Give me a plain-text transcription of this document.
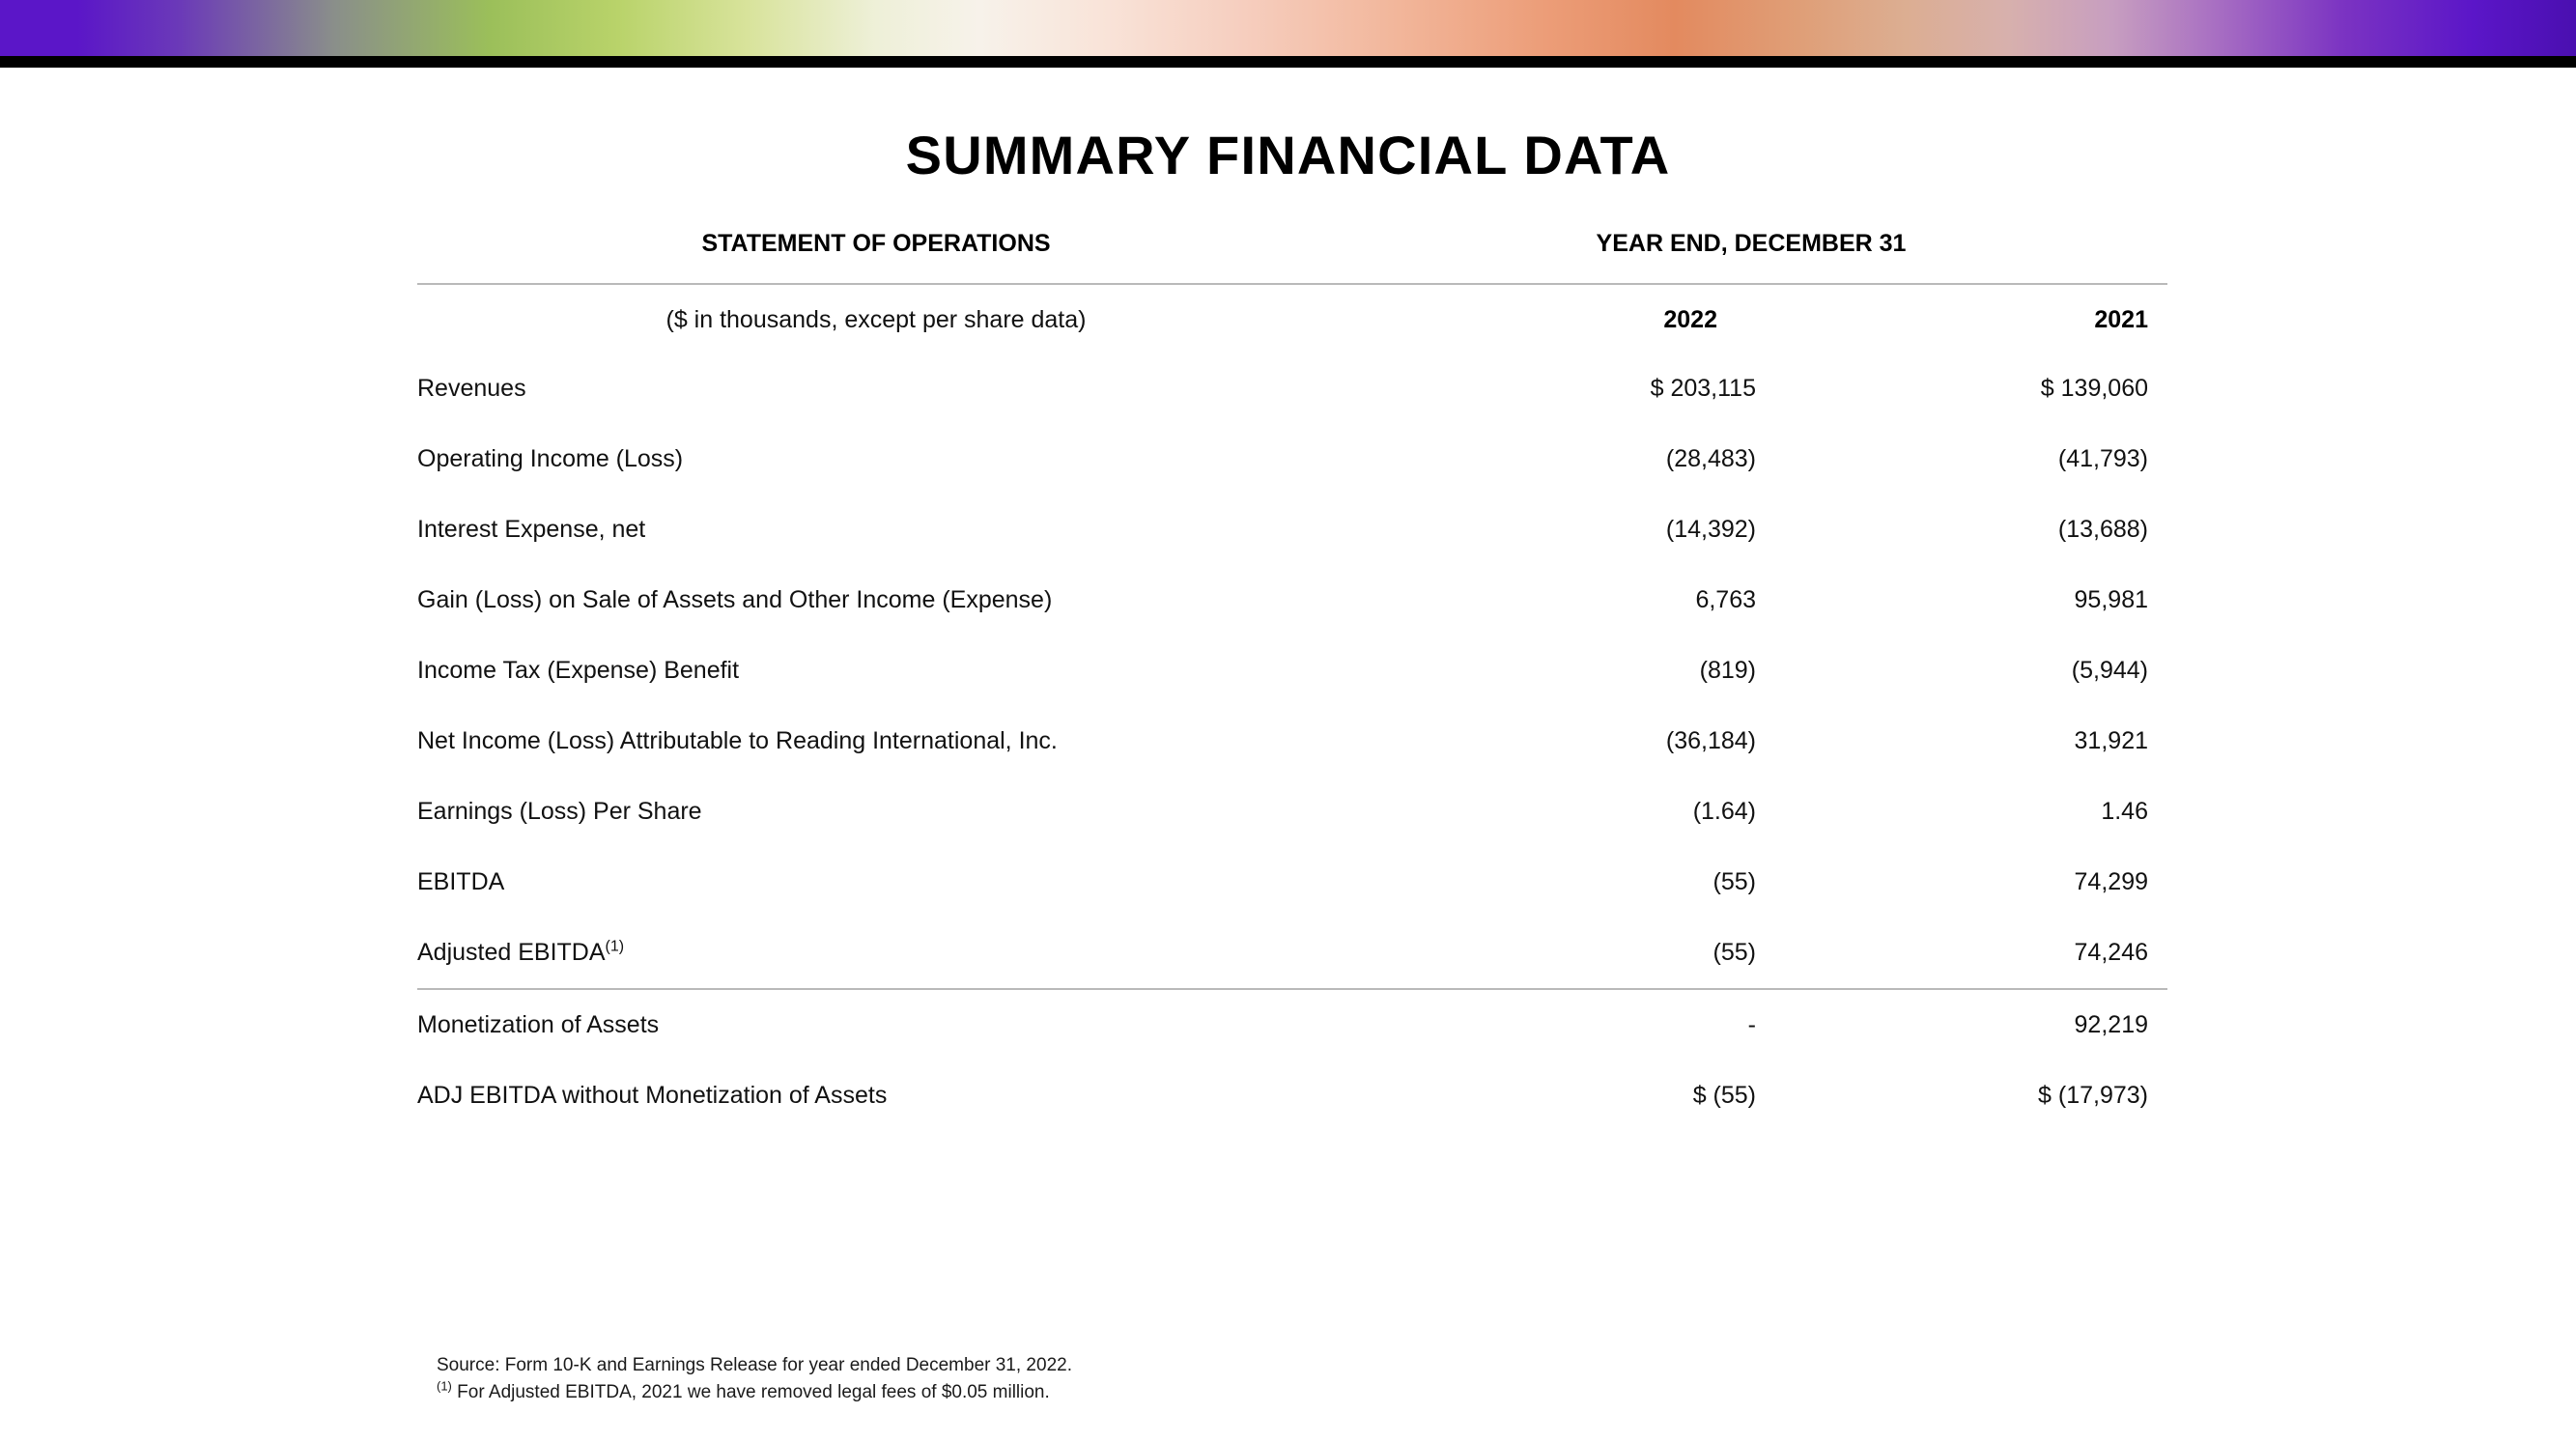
SUMMARY FINANCIAL DATA
STATEMENT OF OPERATIONS	YEAR END, DECEMBER 31	
($ in thousands, except per share data)	2022	2021
Revenues	$ 203,115	$ 139,060
Operating Income (Loss)	(28,483)	(41,793)
Interest Expense, net	(14,392)	(13,688)
Gain (Loss) on Sale of Assets and Other Income (Expense)	6,763	95,981
Income Tax (Expense) Benefit	(819)	(5,944)
Net Income (Loss) Attributable to Reading International, Inc.	(36,184)	31,921
Earnings (Loss) Per Share	(1.64)	1.46
EBITDA	(55)	74,299
Adjusted EBITDA$^{(1)}$	(55)	74,246
Monetization of Assets	-	92,219
ADJ EBITDA without Monetization of Assets	$ (55)	$ (17,973)
Source: Form 10-K and Earnings Release for year ended December 31, 2022.
$^{(1)}$ For Adjusted EBITDA, 2021 we have removed legal fees of $0.05 million.
